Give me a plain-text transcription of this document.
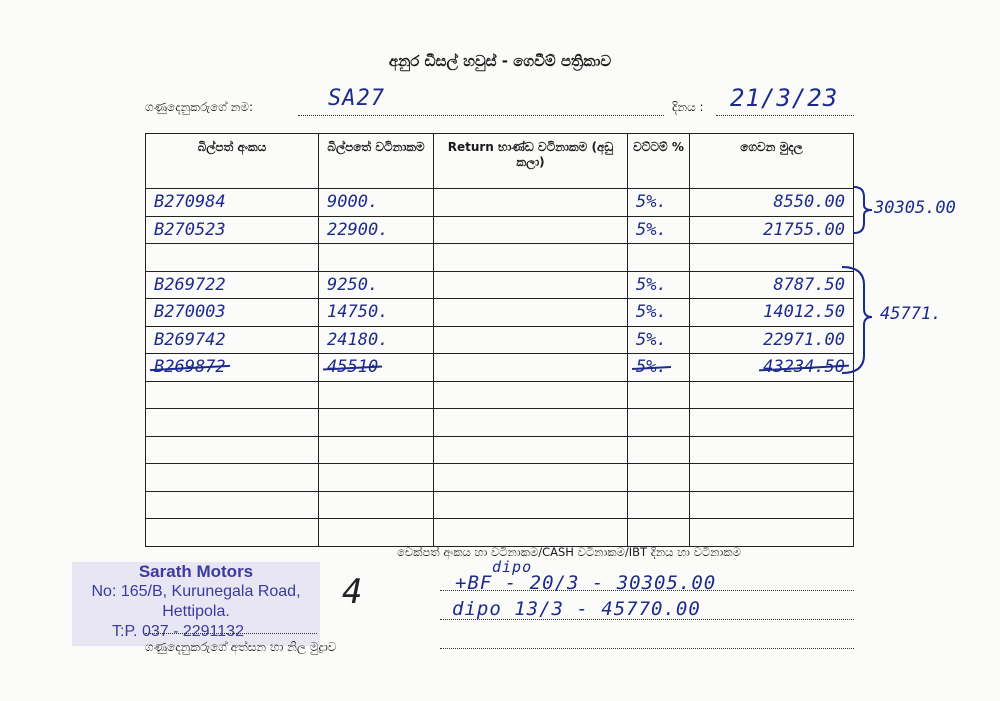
අනුර ඩීසල් හවුස් - ගෙවීම් පත්‍රිකාව
ගණුදෙනුකරුගේ නම:	SA27	දිනය : 21/3/23
බිල්පත් අංකය	බිල්පතේ වටිනාකම	Return භාණ්ඩ වටිනාකම (අඩු කලා)	වට්ටම් %	ගෙවන මුදල

B270984	9000.		5%.	8550.00

B270523	22900.		5%.	21755.00

B269722	9250.		5%.	8787.50

B270003	14750.		5%.	14012.50

B269742	24180.		5%.	22971.00

B269872	45510		5%.	43234.50

30305.00
45771.
චෙක්පත් අංකය හා වටිනාකම/CASH වටිනාකම/IBT දිනය හා වටිනාකම
dipo
+BF - 20/3 - 30305.00
dipo 13/3 - 45770.00
Sarath Motors
No: 165/B, Kurunegala Road,
Hettipola.
T:P. 037 - 2291132
4
ගණුදෙනුකරුගේ අත්සන හා නිල මුද්‍රාව
